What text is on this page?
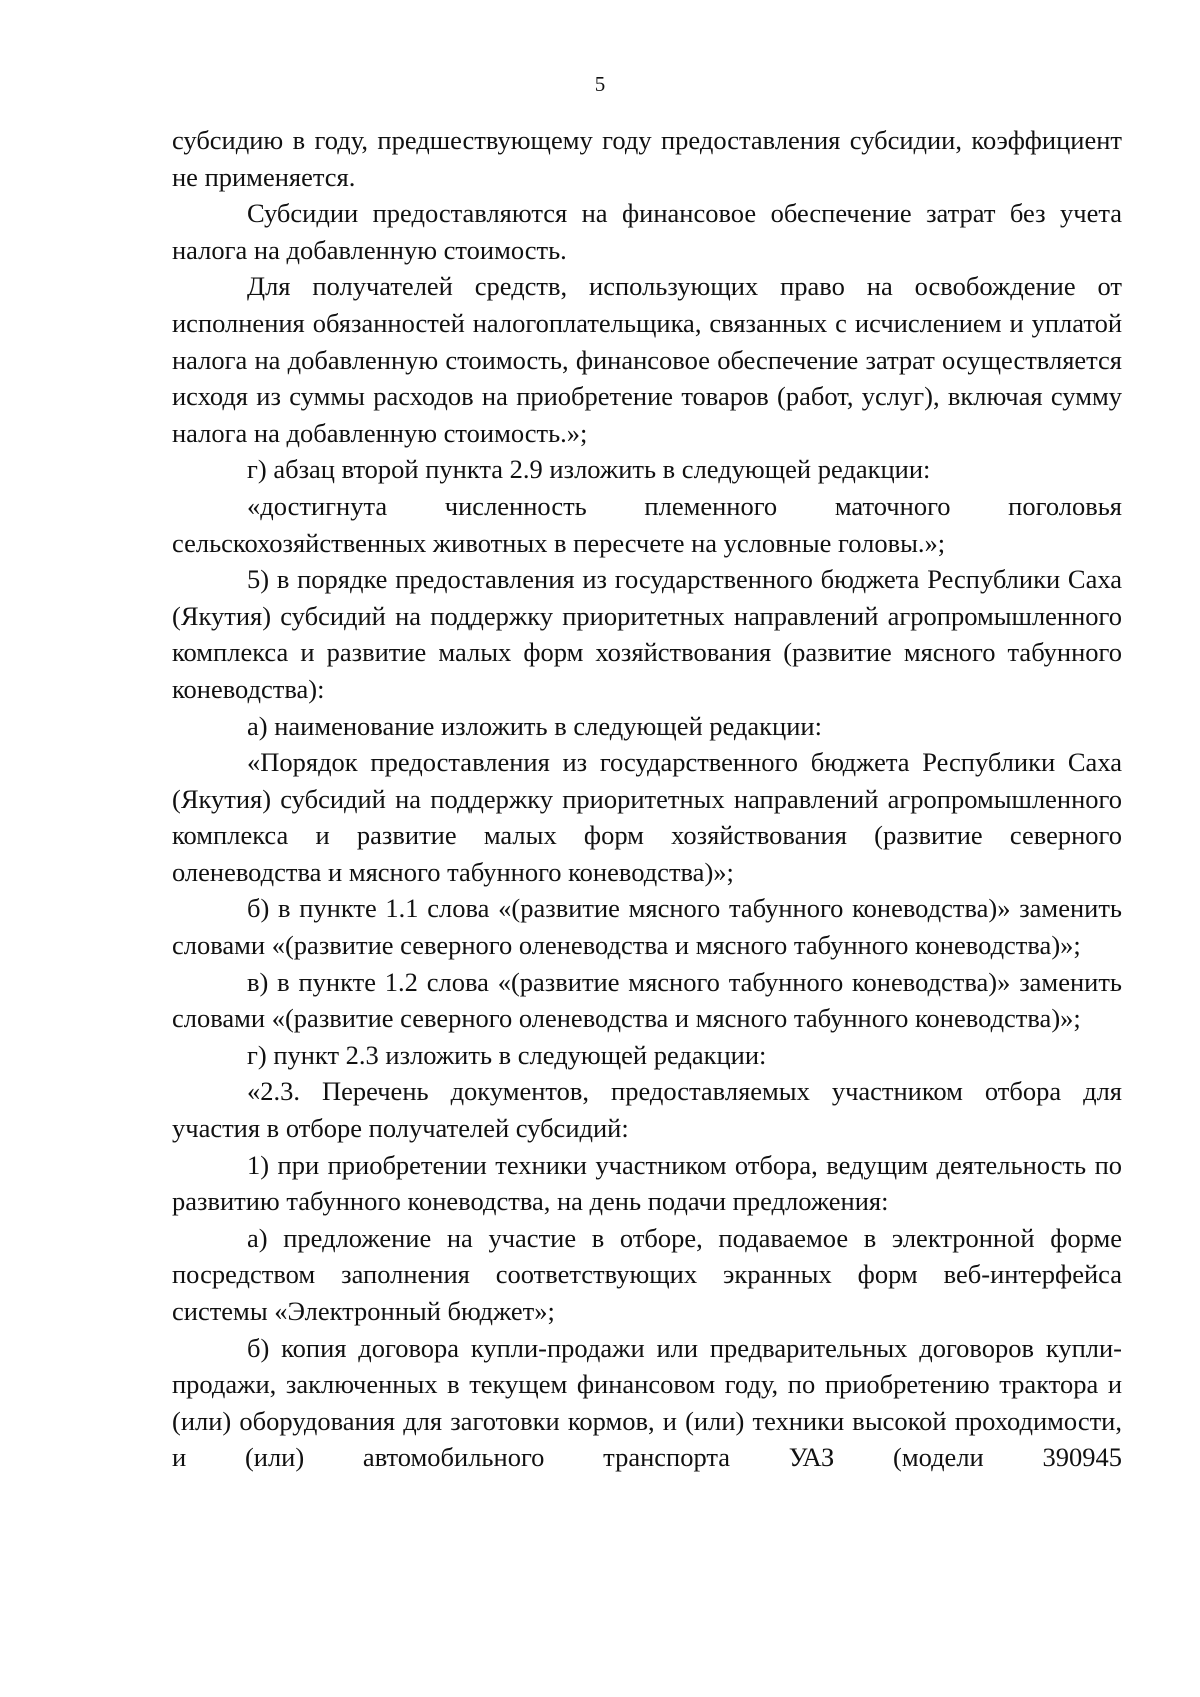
5

субсидию в году, предшествующему году предоставления субсидии, коэффициент не применяется.

Субсидии предоставляются на финансовое обеспечение затрат без учета налога на добавленную стоимость.

Для получателей средств, использующих право на освобождение от исполнения обязанностей налогоплательщика, связанных с исчислением и уплатой налога на добавленную стоимость, финансовое обеспечение затрат осуществляется исходя из суммы расходов на приобретение товаров (работ, услуг), включая сумму налога на добавленную стоимость.»;

г) абзац второй пункта 2.9 изложить в следующей редакции:

«достигнута численность племенного маточного поголовья сельскохозяйственных животных в пересчете на условные головы.»;

5) в порядке предоставления из государственного бюджета Республики Саха (Якутия) субсидий на поддержку приоритетных направлений агропромышленного комплекса и развитие малых форм хозяйствования (развитие мясного табунного коневодства):

а) наименование изложить в следующей редакции:

«Порядок предоставления из государственного бюджета Республики Саха (Якутия) субсидий на поддержку приоритетных направлений агропромышленного комплекса и развитие малых форм хозяйствования (развитие северного оленеводства и мясного табунного коневодства)»;

б) в пункте 1.1 слова «(развитие мясного табунного коневодства)» заменить словами «(развитие северного оленеводства и мясного табунного коневодства)»;

в) в пункте 1.2 слова «(развитие мясного табунного коневодства)» заменить словами «(развитие северного оленеводства и мясного табунного коневодства)»;

г) пункт 2.3 изложить в следующей редакции:

«2.3. Перечень документов, предоставляемых участником отбора для участия в отборе получателей субсидий:

1) при приобретении техники участником отбора, ведущим деятельность по развитию табунного коневодства, на день подачи предложения:

а) предложение на участие в отборе, подаваемое в электронной форме посредством заполнения соответствующих экранных форм веб-интерфейса системы «Электронный бюджет»;

б) копия договора купли-продажи или предварительных договоров купли-продажи, заключенных в текущем финансовом году, по приобретению трактора и (или) оборудования для заготовки кормов, и (или) техники высокой проходимости, и (или) автомобильного транспорта УАЗ (модели 390945
